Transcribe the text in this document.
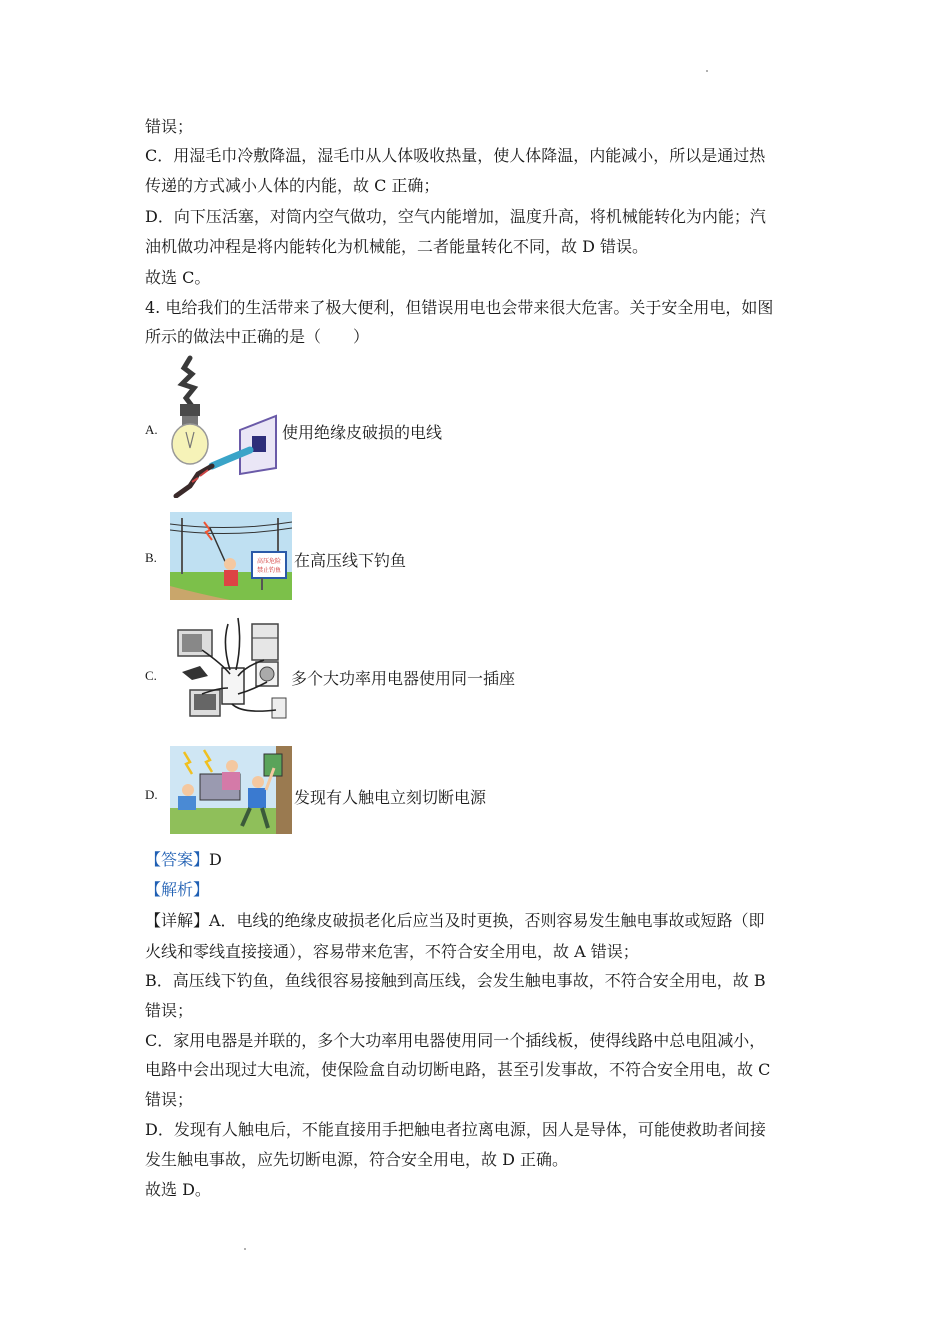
错误；
C．用湿毛巾冷敷降温，湿毛巾从人体吸收热量，使人体降温，内能减小，所以是通过热
传递的方式减小人体的内能，故 C 正确；
D．向下压活塞，对筒内空气做功，空气内能增加，温度升高，将机械能转化为内能；汽
油机做功冲程是将内能转化为机械能，二者能量转化不同，故 D 错误。
故选 C。
4. 电给我们的生活带来了极大便利，但错误用电也会带来很大危害。关于安全用电，如图
所示的做法中正确的是（　　）
A.	使用绝缘皮破损的电线
B.	高压危险
禁止钓鱼
在高压线下钓鱼
C.	多个大功率用电器使用同一插座
D.	发现有人触电立刻切断电源
【答案】D
【解析】
【详解】A．电线的绝缘皮破损老化后应当及时更换，否则容易发生触电事故或短路（即
火线和零线直接接通），容易带来危害，不符合安全用电，故 A 错误；
B．高压线下钓鱼，鱼线很容易接触到高压线，会发生触电事故，不符合安全用电，故 B
错误；
C．家用电器是并联的，多个大功率用电器使用同一个插线板，使得线路中总电阻减小，
电路中会出现过大电流，使保险盒自动切断电路，甚至引发事故，不符合安全用电，故 C
错误；
D．发现有人触电后，不能直接用手把触电者拉离电源，因人是导体，可能使救助者间接
发生触电事故，应先切断电源，符合安全用电，故 D 正确。
故选 D。
